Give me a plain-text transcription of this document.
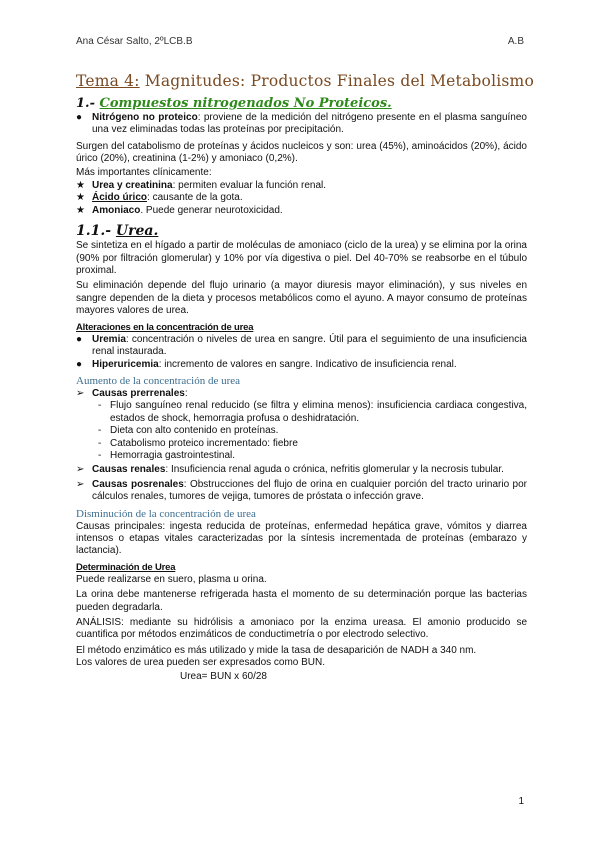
Ana César Salto, 2ºLCB.B	A.B
Tema 4: Magnitudes: Productos Finales del Metabolismo
1.- Compuestos nitrogenados No Proteicos.
● Nitrógeno no proteico: proviene de la medición del nitrógeno presente en el plasma sanguíneo una vez eliminadas todas las proteínas por precipitación.

Surgen del catabolismo de proteínas y ácidos nucleicos y son: urea (45%), aminoácidos (20%), ácido úrico (20%), creatinina (1-2%) y amoniaco (0,2%).

Más importantes clínicamente:

★ Urea y creatinina: permiten evaluar la función renal.
★ Ácido úrico: causante de la gota.
★ Amoniaco. Puede generar neurotoxicidad.
1.1.- Urea.

Se sintetiza en el hígado a partir de moléculas de amoniaco (ciclo de la urea) y se elimina por la orina (90% por filtración glomerular) y 10% por vía digestiva o piel. Del 40-70% se reabsorbe en el túbulo proximal.

Su eliminación depende del flujo urinario (a mayor diuresis mayor eliminación), y sus niveles en sangre dependen de la dieta y procesos metabólicos como el ayuno. A mayor consumo de proteínas mayores valores de urea.

Alteraciones en la concentración de urea
● Uremia: concentración o niveles de urea en sangre. Útil para el seguimiento de una insuficiencia renal instaurada.
● Hiperuricemia: incremento de valores en sangre. Indicativo de insuficiencia renal.
Aumento de la concentración de urea
➢ Causas prerrenales:
- Flujo sanguíneo renal reducido (se filtra y elimina menos): insuficiencia cardiaca congestiva, estados de shock, hemorragia profusa o deshidratación.
- Dieta con alto contenido en proteínas.
- Catabolismo proteico incrementado: fiebre
- Hemorragia gastrointestinal.
➢ Causas renales: Insuficiencia renal aguda o crónica, nefritis glomerular y la necrosis tubular.
➢ Causas posrenales: Obstrucciones del flujo de orina en cualquier porción del tracto urinario por cálculos renales, tumores de vejiga, tumores de próstata o infección grave.
Disminución de la concentración de urea

Causas principales: ingesta reducida de proteínas, enfermedad hepática grave, vómitos y diarrea intensos o etapas vitales caracterizadas por la síntesis incrementada de proteínas (embarazo y lactancia).

Determinación de Urea

Puede realizarse en suero, plasma u orina.

La orina debe mantenerse refrigerada hasta el momento de su determinación porque las bacterias pueden degradarla.

ANÁLISIS: mediante su hidrólisis a amoniaco por la enzima ureasa. El amonio producido se cuantifica por métodos enzimáticos de conductimetría o por electrodo selectivo.

El método enzimático es más utilizado y mide la tasa de desaparición de NADH a 340 nm.

Los valores de urea pueden ser expresados como BUN.

Urea= BUN x 60/28
1
